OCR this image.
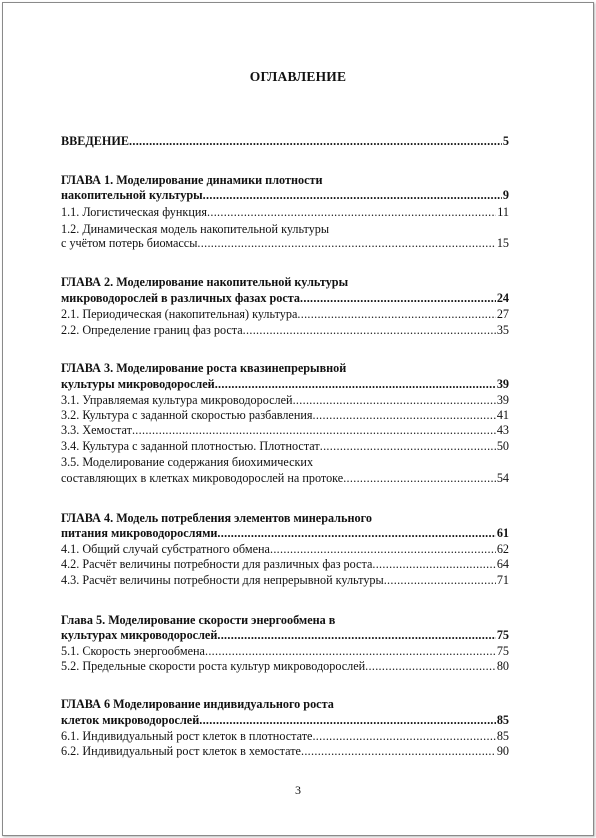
ОГЛАВЛЕНИЕ
ВВЕДЕНИЕ .....	5
ГЛАВА 1. Моделирование динамики плотности
накопительной культуры .....	9
1.1. Логистическая функция .....	11
1.2. Динамическая модель накопительной культуры
с учётом потерь биомассы .....	15
ГЛАВА 2. Моделирование накопительной культуры
микроводорослей в различных фазах роста .....	24
2.1. Периодическая (накопительная) культура .....	27
2.2. Определение границ фаз роста .....	35
ГЛАВА 3. Моделирование роста квазинепрерывной
культуры микроводорослей .....	39
3.1. Управляемая культура микроводорослей .....	39
3.2. Культура с заданной скоростью разбавления .....	41
3.3. Хемостат .....	43
3.4. Культура с заданной плотностью. Плотностат .....	50
3.5. Моделирование содержания биохимических
составляющих в клетках микроводорослей на протоке .....	54
ГЛАВА 4. Модель потребления элементов минерального
питания микроводорослями .....	61
4.1. Общий случай субстратного обмена .....	62
4.2. Расчёт величины потребности для различных фаз роста .....	64
4.3. Расчёт величины потребности для непрерывной культуры .....	71
Глава 5. Моделирование скорости энергообмена в
культурах микроводорослей .....	75
5.1. Скорость энергообмена .....	75
5.2. Предельные скорости роста культур микроводорослей .....	80
ГЛАВА 6 Моделирование индивидуального роста
клеток микроводорослей .....	85
6.1. Индивидуальный рост клеток в плотностате .....	85
6.2. Индивидуальный рост клеток в хемостате .....	90
3
